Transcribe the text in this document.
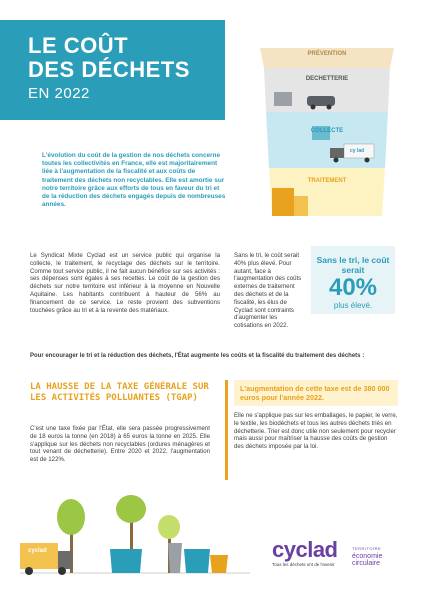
LE COÛT
DES DÉCHETS
EN 2022
PRÉVENTION
DECHETTERIE
COLLECTE
TRAITEMENT
cy lad
L'évolution du coût de la gestion de nos déchets concerne toutes les collectivités en France, elle est majoritairement liée à l'augmentation de la fiscalité et aux coûts de traitement des déchets non recyclables. Elle est amortie sur notre territoire grâce aux efforts de tous en faveur du tri et de la réduction des déchets engagés depuis de nombreuses années.
Le Syndicat Mixte Cyclad est un service public qui organise la collecte, le traitement, le recyclage des déchets sur le territoire. Comme tout service public, il ne fait aucun bénéfice sur ses activités : ses dépenses sont égales à ses recettes. Le coût de la gestion des déchets sur notre territoire est inférieur à la moyenne en Nouvelle Aquitaine. Les habitants contribuent à hauteur de 56% au financement de ce service. Le reste provient des subventions touchées grâce au tri et à la revente des matériaux.
Sans le tri, le coût serait 40% plus élevé. Pour autant, face à l'augmentation des coûts externes de traitement des déchets et de la fiscalité, les élus de Cyclad sont contraints d'augmenter les cotisations en 2022.
Sans le tri, le coût serait
40%
plus élevé.
Pour encourager le tri et la réduction des déchets, l'État augmente les coûts et la fiscalité du traitement des déchets :
LA HAUSSE DE LA TAXE GÉNÉRALE SUR LES ACTIVITÉS POLLUANTES (TGAP)
C'est une taxe fixée par l'État, elle sera passée progressivement de 18 euros la tonne (en 2018) à 65 euros la tonne en 2025. Elle s'applique sur les déchets non recyclables (ordures ménagères et tout venant de déchetterie). Entre 2020 et 2022, l'augmentation est de 122%.
L'augmentation de cette taxe est de 380 000 euros pour l'année 2022.
Elle ne s'applique pas sur les emballages, le papier, le verre, le textile, les biodéchets et tous les autres déchets triés en déchetterie. Trier est donc utile non seulement pour recycler mais aussi pour maîtriser la hausse des coûts de gestion des déchets imposée par la loi.
cyclad	cyclad
Tous les déchets ont de l'avenir
TERRITOIRE
économie
circulaire
